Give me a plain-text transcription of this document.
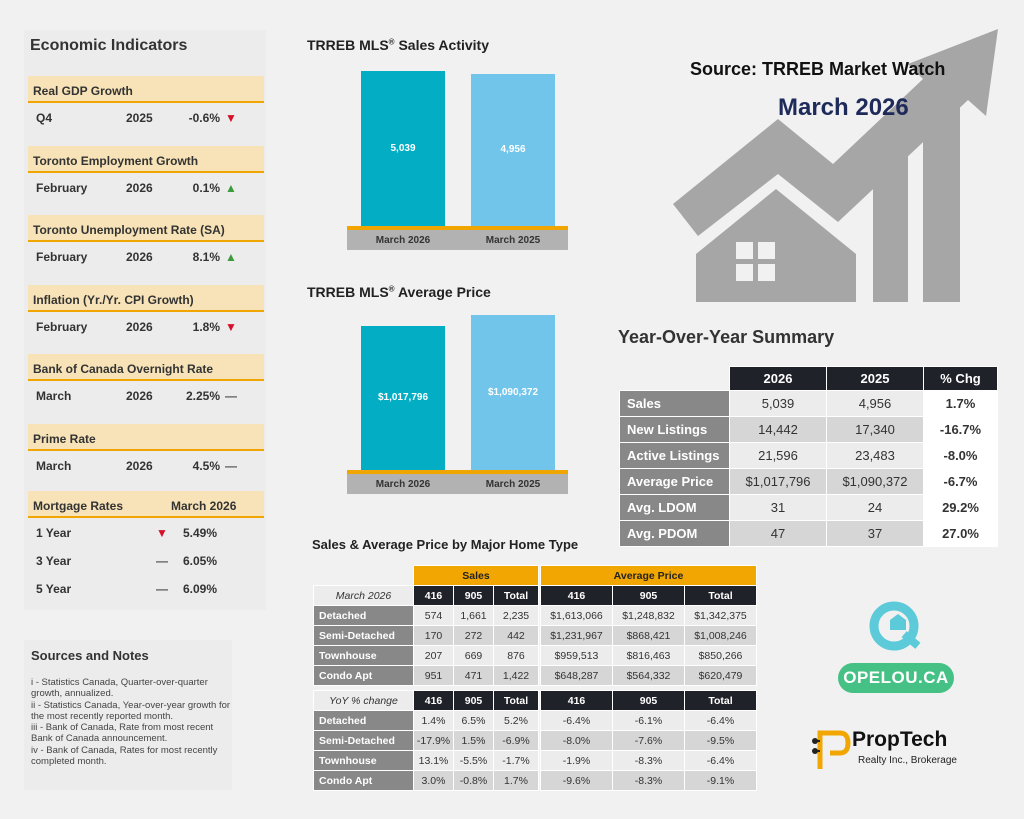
Economic Indicators
Real GDP Growth
Q4	2025	-0.6% ▼
Toronto Employment Growth
February	2026	0.1% ▲
Toronto Unemployment Rate (SA)
February	2026	8.1% ▲
Inflation (Yr./Yr. CPI Growth)
February	2026	1.8% ▼
Bank of Canada Overnight Rate
March	2026	2.25% —
Prime Rate
March	2026	4.5% —
Mortgage Rates	March 2026
1 Year	▼ 5.49%
3 Year	— 6.05%
5 Year	— 6.09%
Sources and Notes
i - Statistics Canada, Quarter-over-quarter growth, annualized.
ii - Statistics Canada, Year-over-year growth for the most recently reported month.
iii - Bank of Canada, Rate from most recent Bank of Canada announcement.
iv - Bank of Canada, Rates for most recently completed month.
TRREB MLS® Sales Activity
TRREB MLS® Average Price
5,039
March 2026
4,956
March 2025
$1,017,796
March 2026
$1,090,372
March 2025
Source: TRREB Market Watch
March 2026
Year-Over-Year Summary
	2026	2025	% Chg
Sales	5,039	4,956	1.7%
New Listings	14,442	17,340	-16.7%
Active Listings	21,596	23,483	-8.0%
Average Price	$1,017,796	$1,090,372	-6.7%
Avg. LDOM	31	24	29.2%
Avg. PDOM	47	37	27.0%
Sales & Average Price by Major Home Type
	Sales				Average Price		
March 2026	416	905	Total		416	905	Total
Detached	574	1,661	2,235		$1,613,066	$1,248,832	$1,342,375
Semi-Detached	170	272	442		$1,231,967	$868,421	$1,008,246
Townhouse	207	669	876		$959,513	$816,463	$850,266
Condo Apt	951	471	1,422		$648,287	$564,332	$620,479
YoY % change	416	905	Total		416	905	Total
Detached	1.4%	6.5%	5.2%		-6.4%	-6.1%	-6.4%
Semi-Detached	-17.9%	1.5%	-6.9%		-8.0%	-7.6%	-9.5%
Townhouse	13.1%	-5.5%	-1.7%		-1.9%	-8.3%	-6.4%
Condo Apt	3.0%	-0.8%	1.7%		-9.6%	-8.3%	-9.1%
OPELOU.CA
PropTech
Realty Inc., Brokerage
